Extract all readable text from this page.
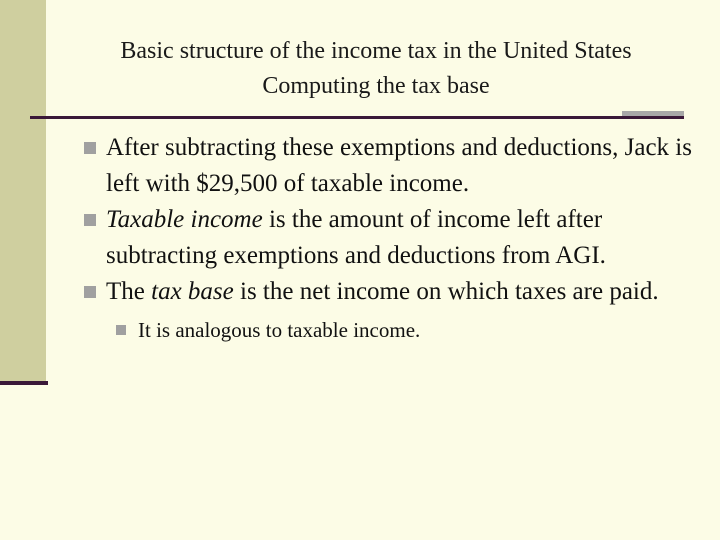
Basic structure of the income tax in the United States
Computing the tax base
After subtracting these exemptions and deductions, Jack is left with $29,500 of taxable income.
Taxable income is the amount of income left after subtracting exemptions and deductions from AGI.
The tax base is the net income on which taxes are paid.
It is analogous to taxable income.
